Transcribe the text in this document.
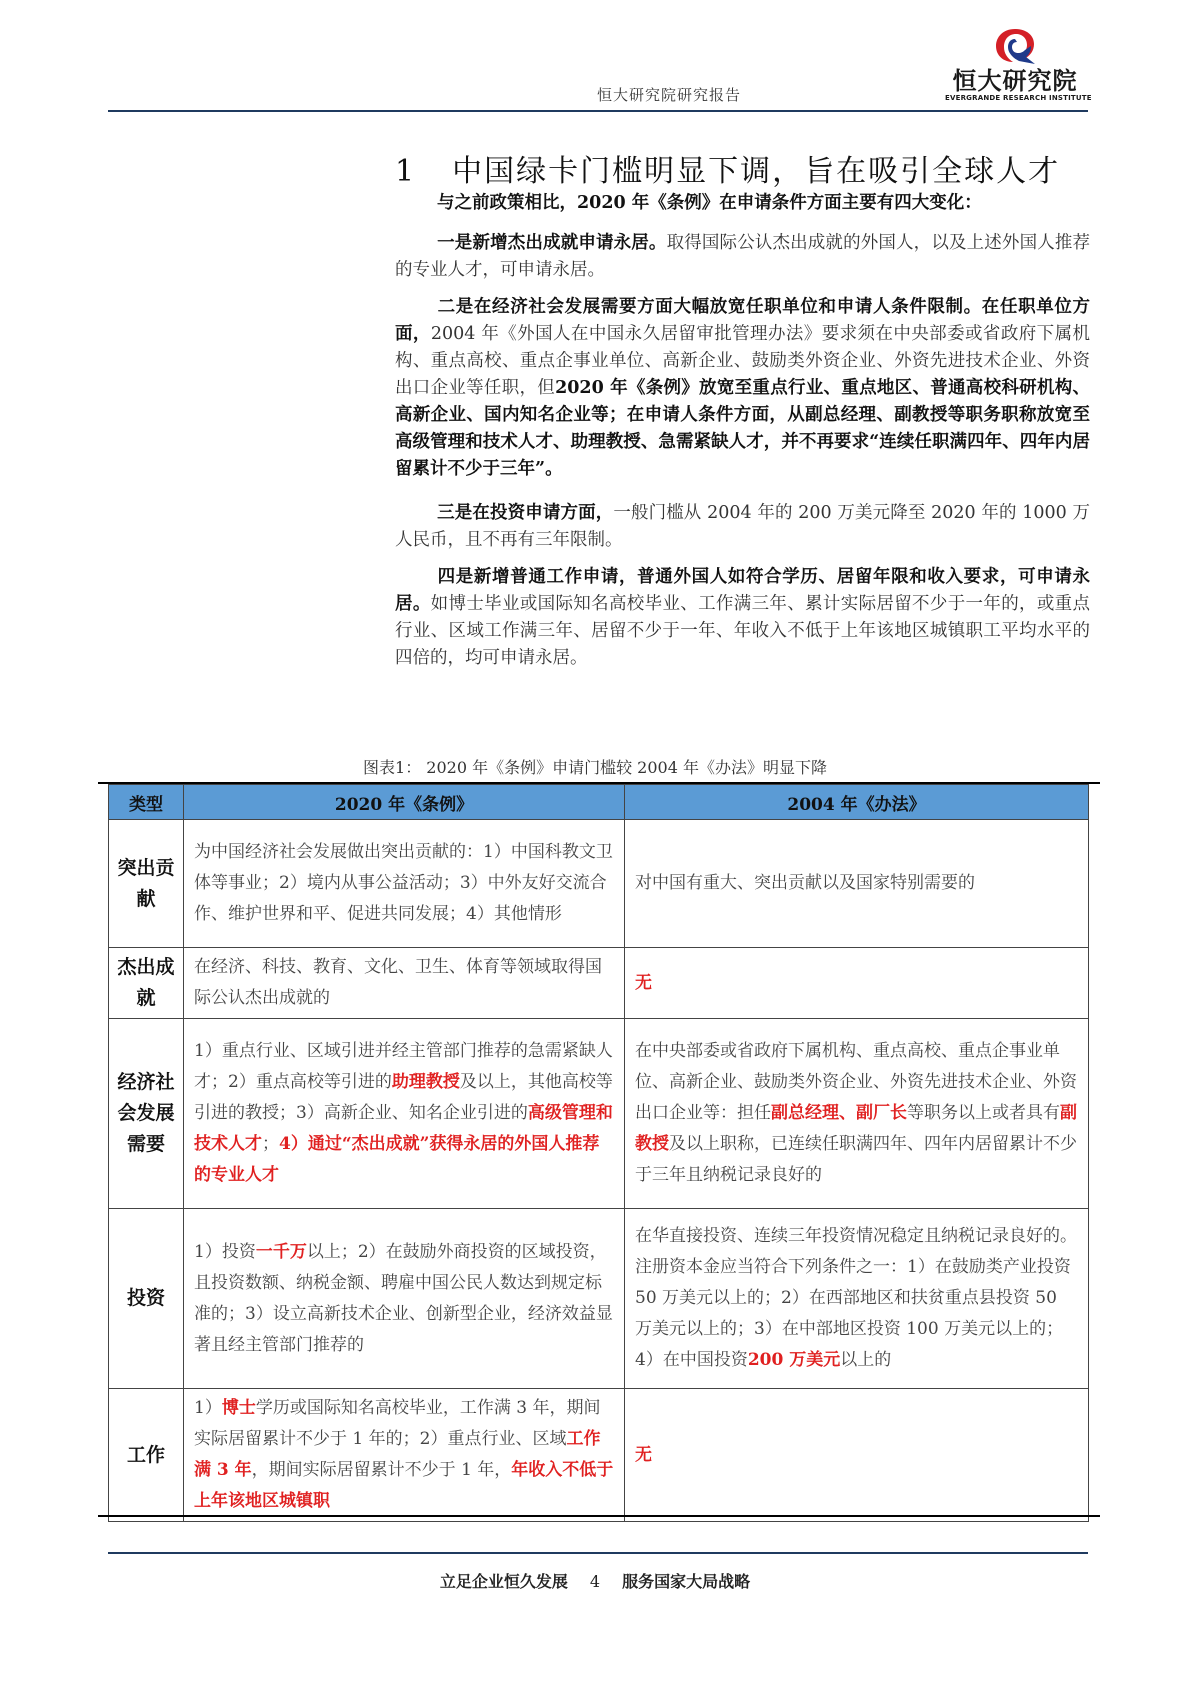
恒大研究院研究报告	恒大研究院
EVERGRANDE RESEARCH INSTITUTE
1 中国绿卡门槛明显下调，旨在吸引全球人才
与之前政策相比，2020 年《条例》在申请条件方面主要有四大变化：
一是新增杰出成就申请永居。取得国际公认杰出成就的外国人，以及上述外国人推荐的专业人才，可申请永居。
二是在经济社会发展需要方面大幅放宽任职单位和申请人条件限制。在任职单位方面，2004 年《外国人在中国永久居留审批管理办法》要求须在中央部委或省政府下属机构、重点高校、重点企事业单位、高新企业、鼓励类外资企业、外资先进技术企业、外资出口企业等任职，但2020 年《条例》放宽至重点行业、重点地区、普通高校科研机构、高新企业、国内知名企业等；在申请人条件方面，从副总经理、副教授等职务职称放宽至高级管理和技术人才、助理教授、急需紧缺人才，并不再要求“连续任职满四年、四年内居留累计不少于三年”。
三是在投资申请方面，一般门槛从 2004 年的 200 万美元降至 2020 年的 1000 万人民币，且不再有三年限制。
四是新增普通工作申请，普通外国人如符合学历、居留年限和收入要求，可申请永居。如博士毕业或国际知名高校毕业、工作满三年、累计实际居留不少于一年的，或重点行业、区域工作满三年、居留不少于一年、年收入不低于上年该地区城镇职工平均水平的四倍的，均可申请永居。
图表1： 2020 年《条例》申请门槛较 2004 年《办法》明显下降
类型	2020 年《条例》	2004 年《办法》
突出贡献	为中国经济社会发展做出突出贡献的：1）中国科教文卫体等事业；2）境内从事公益活动；3）中外友好交流合作、维护世界和平、促进共同发展；4）其他情形	对中国有重大、突出贡献以及国家特别需要的
杰出成就	在经济、科技、教育、文化、卫生、体育等领域取得国际公认杰出成就的	无
经济社会发展需要	1）重点行业、区域引进并经主管部门推荐的急需紧缺人才；2）重点高校等引进的助理教授及以上，其他高校等引进的教授；3）高新企业、知名企业引进的高级管理和技术人才；4）通过“杰出成就”获得永居的外国人推荐的专业人才	在中央部委或省政府下属机构、重点高校、重点企事业单位、高新企业、鼓励类外资企业、外资先进技术企业、外资出口企业等：担任副总经理、副厂长等职务以上或者具有副教授及以上职称，已连续任职满四年、四年内居留累计不少于三年且纳税记录良好的
投资	1）投资一千万以上；2）在鼓励外商投资的区域投资，且投资数额、纳税金额、聘雇中国公民人数达到规定标准的；3）设立高新技术企业、创新型企业，经济效益显著且经主管部门推荐的	在华直接投资、连续三年投资情况稳定且纳税记录良好的。注册资本金应当符合下列条件之一：1）在鼓励类产业投资 50 万美元以上的；2）在西部地区和扶贫重点县投资 50 万美元以上的；3）在中部地区投资 100 万美元以上的；4）在中国投资200 万美元以上的
工作	1）博士学历或国际知名高校毕业，工作满 3 年，期间实际居留累计不少于 1 年的；2）重点行业、区域工作满 3 年，期间实际居留累计不少于 1 年，年收入不低于上年该地区城镇职	无
立足企业恒久发展 4 服务国家大局战略
